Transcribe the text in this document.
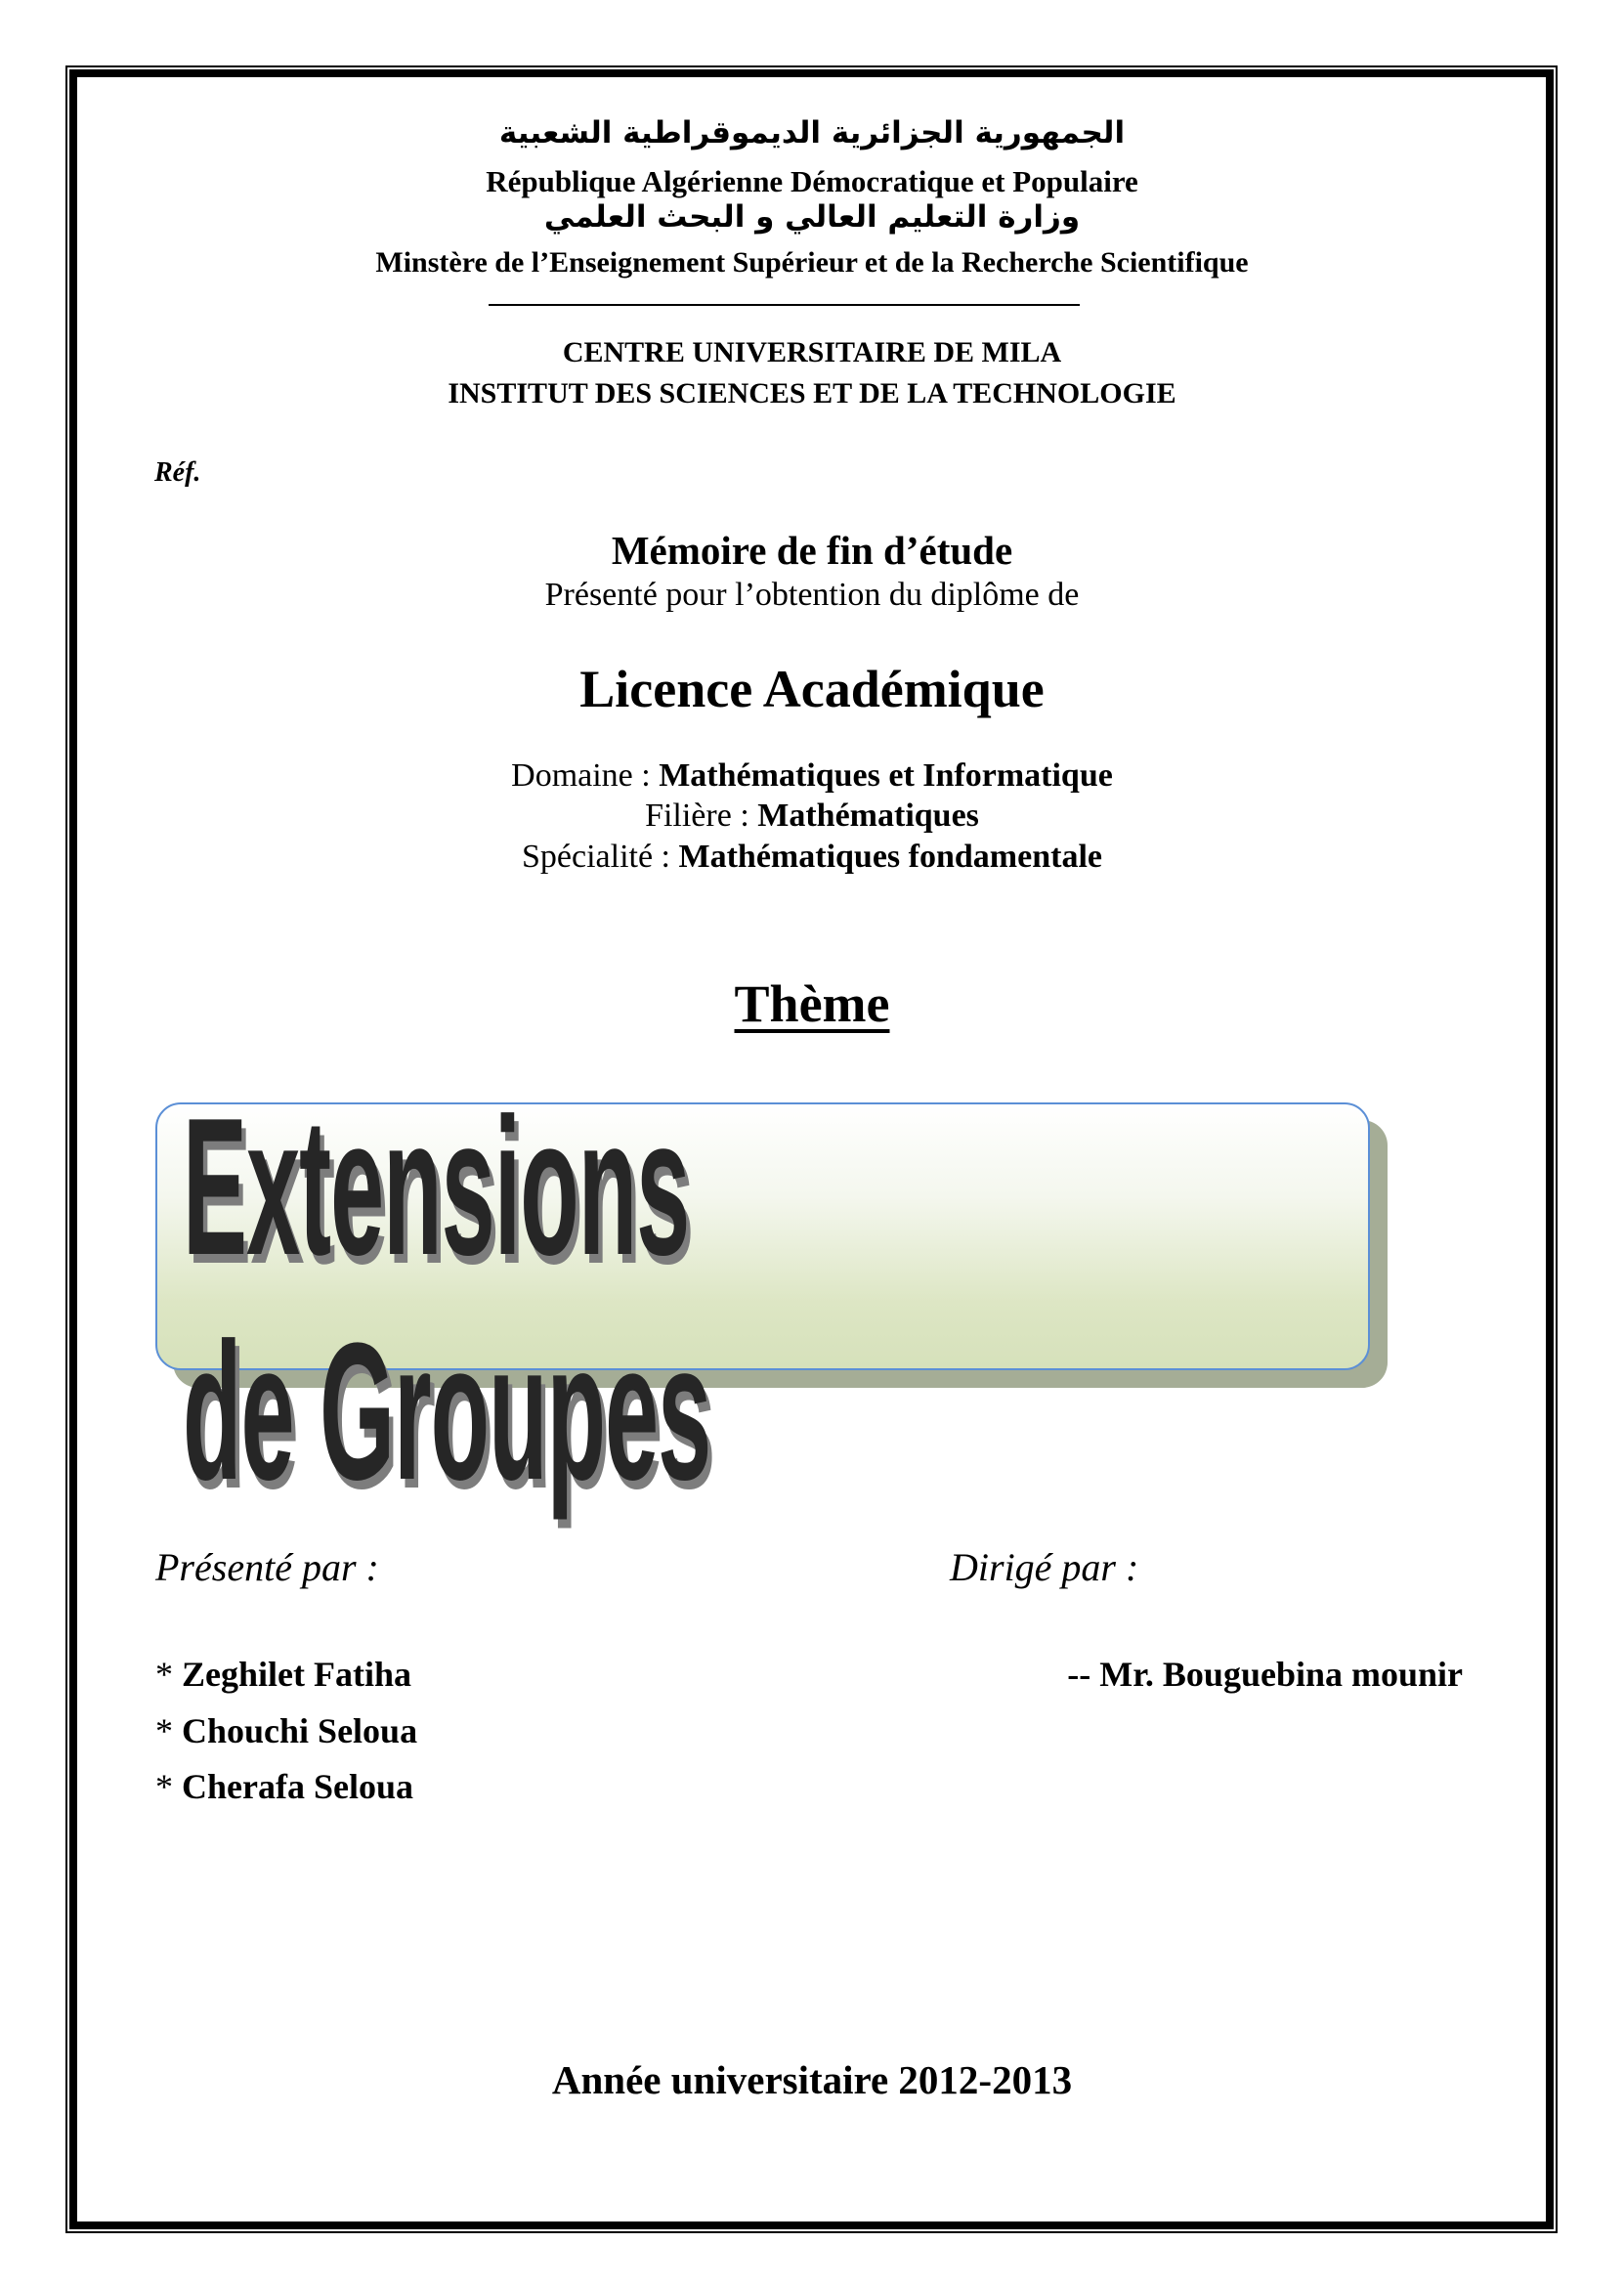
الجمهورية الجزائرية الديموقراطية الشعبية
République Algérienne Démocratique et Populaire
وزارة التعليم العالي و البحث العلمي
Minstère de l’Enseignement Supérieur et de la Recherche Scientifique
CENTRE UNIVERSITAIRE DE MILA
INSTITUT DES SCIENCES ET DE LA TECHNOLOGIE
Réf.
Mémoire de fin d’étude
Présenté pour l’obtention du diplôme de
Licence Académique
Domaine : Mathématiques et Informatique
Filière : Mathématiques
Spécialité : Mathématiques fondamentale
Thème
Extensions de Groupes
Présenté par :	Dirigé par :
* Zeghilet Fatiha
* Chouchi Seloua
* Cherafa Seloua
-- Mr. Bouguebina mounir
Année universitaire 2012-2013
